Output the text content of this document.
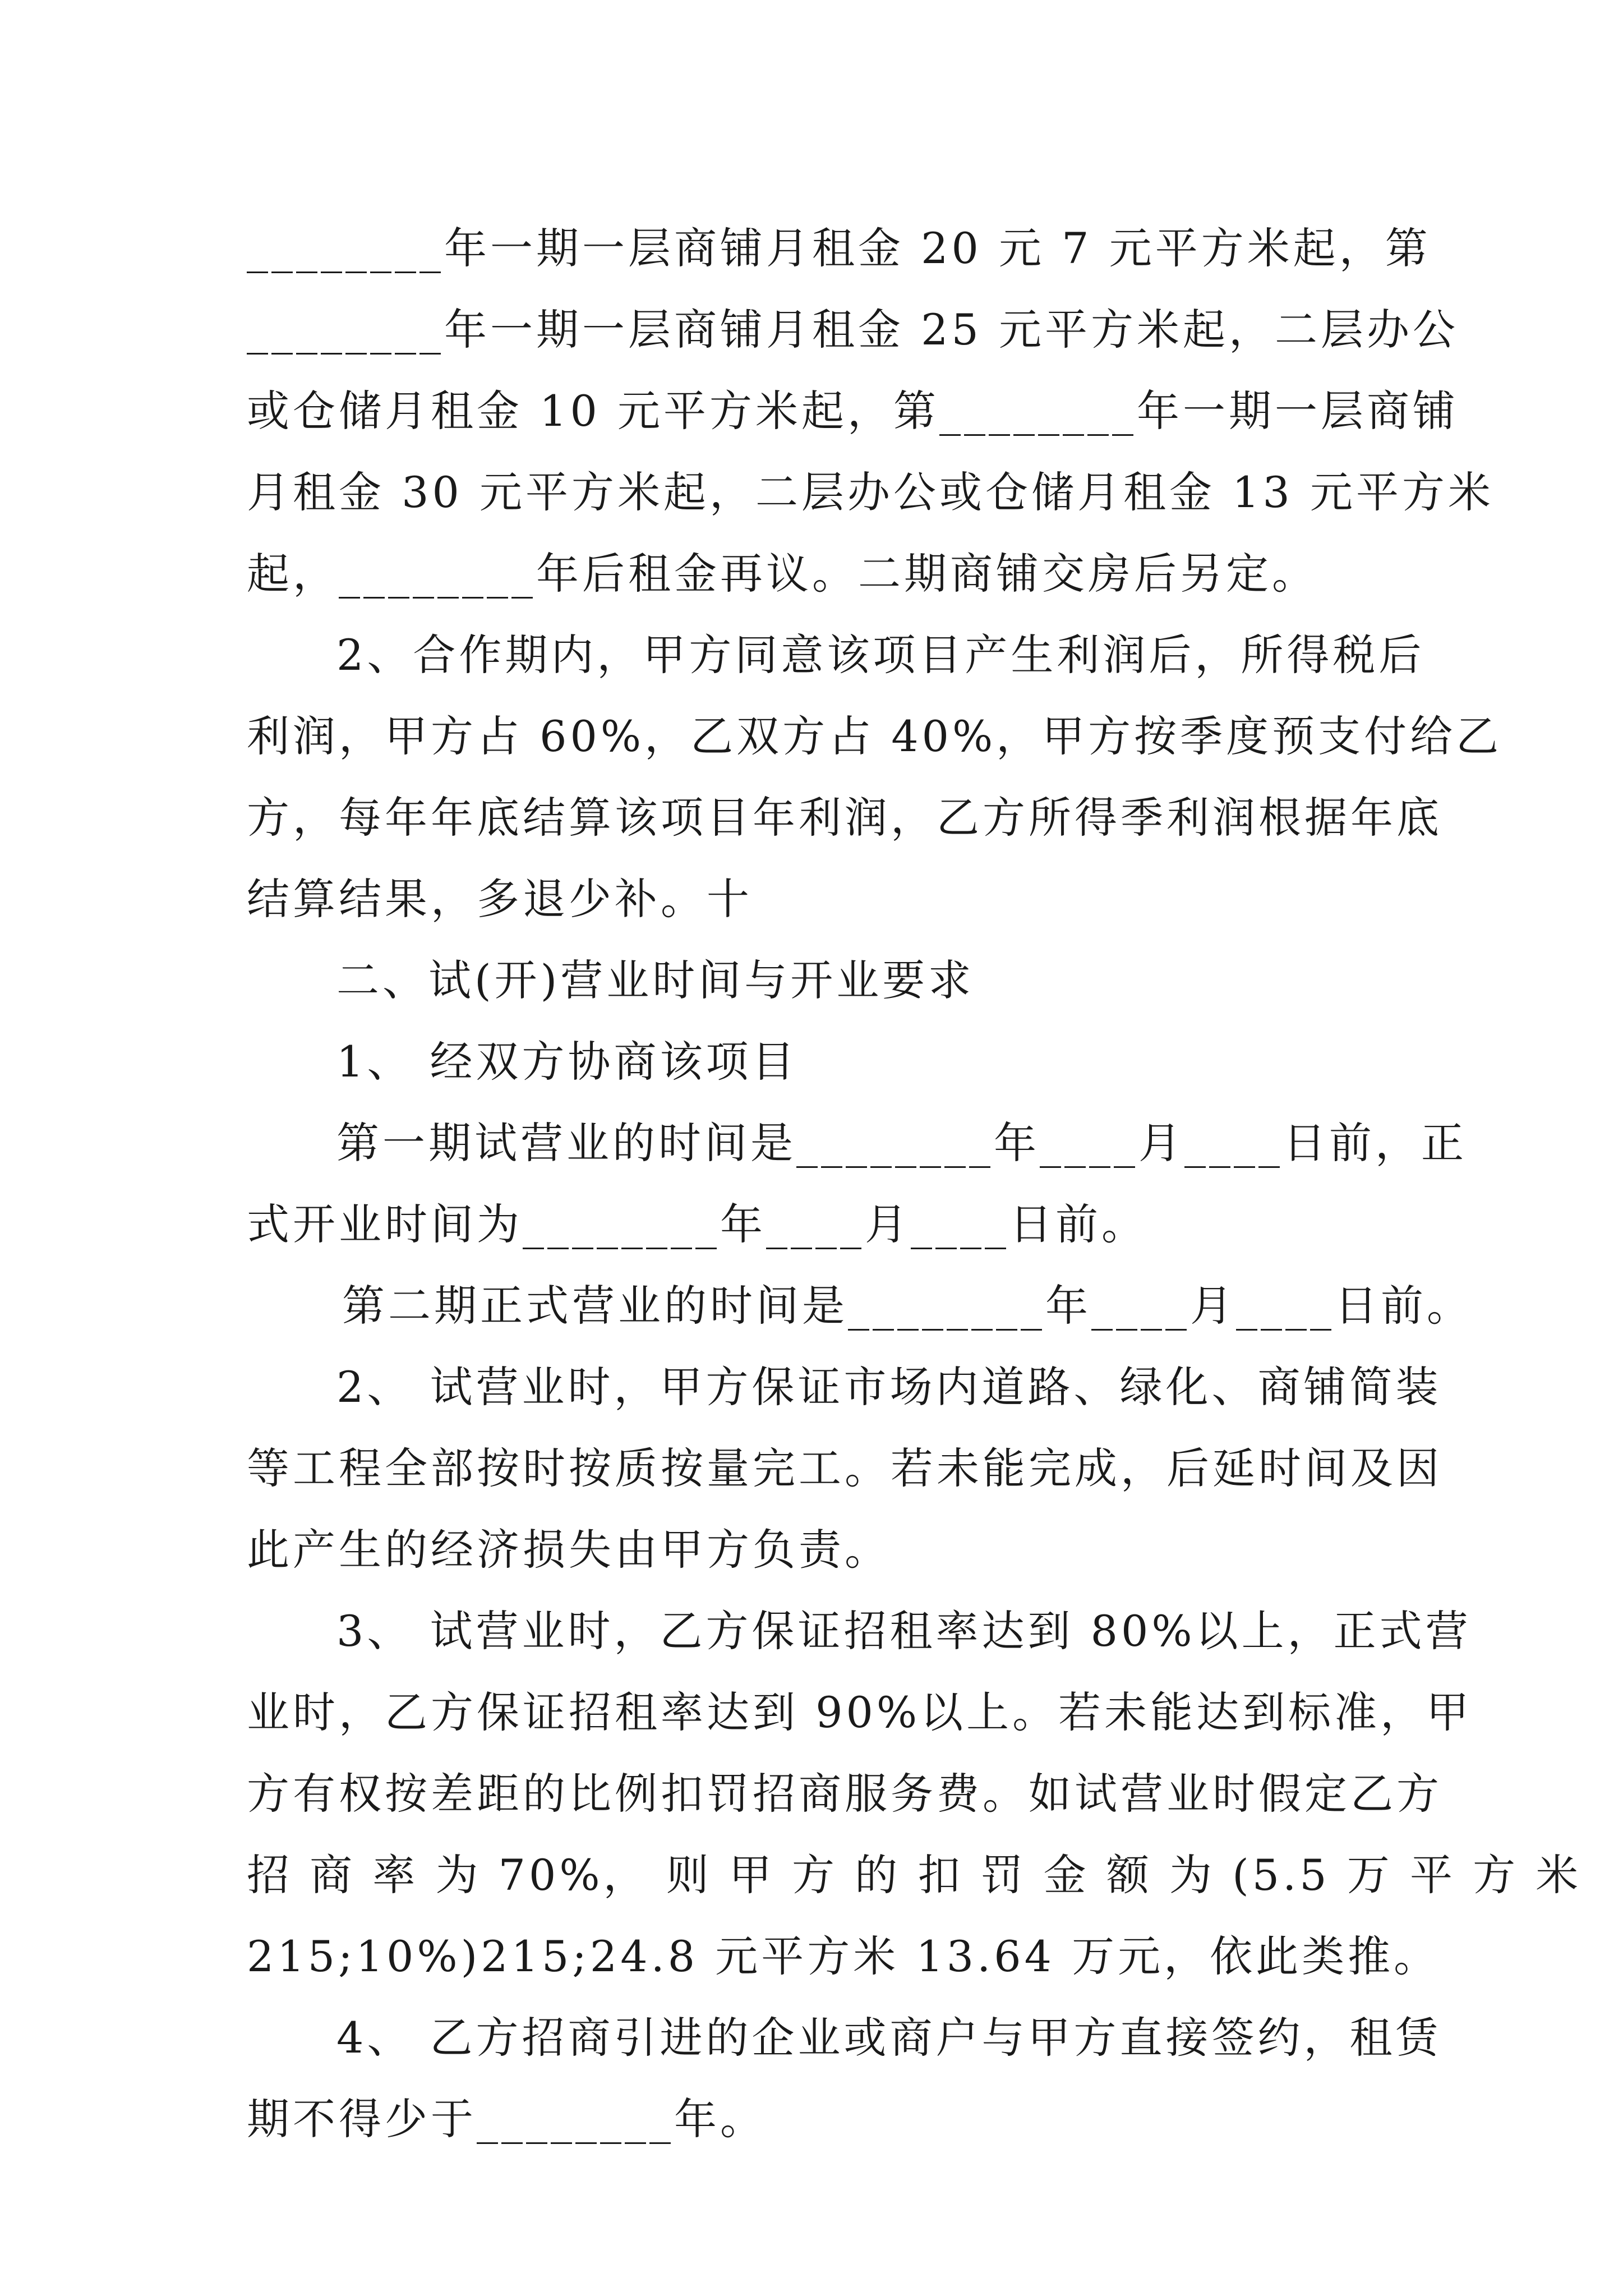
________年一期一层商铺月租金 20 元 7 元平方米起，第
________年一期一层商铺月租金 25 元平方米起，二层办公
或仓储月租金 10 元平方米起，第________年一期一层商铺
月租金 30 元平方米起，二层办公或仓储月租金 13 元平方米
起，________年后租金再议。二期商铺交房后另定。
2、合作期内，甲方同意该项目产生利润后，所得税后
利润，甲方占 60%，乙双方占 40%，甲方按季度预支付给乙
方，每年年底结算该项目年利润，乙方所得季利润根据年底
结算结果，多退少补。十
二、试(开)营业时间与开业要求
1、 经双方协商该项目
第一期试营业的时间是________年____月____日前，正
式开业时间为________年____月____日前。
第二期正式营业的时间是________年____月____日前。
2、 试营业时，甲方保证市场内道路、绿化、商铺简装
等工程全部按时按质按量完工。若未能完成，后延时间及因
此产生的经济损失由甲方负责。
3、 试营业时，乙方保证招租率达到 80%以上，正式营
业时，乙方保证招租率达到 90%以上。若未能达到标准，甲
方有权按差距的比例扣罚招商服务费。如试营业时假定乙方
招 商 率 为 70%， 则 甲 方 的 扣 罚 金 额 为 (5.5 万 平 方 米
215;10%)215;24.8 元平方米 13.64 万元，依此类推。
4、 乙方招商引进的企业或商户与甲方直接签约，租赁
期不得少于________年。
